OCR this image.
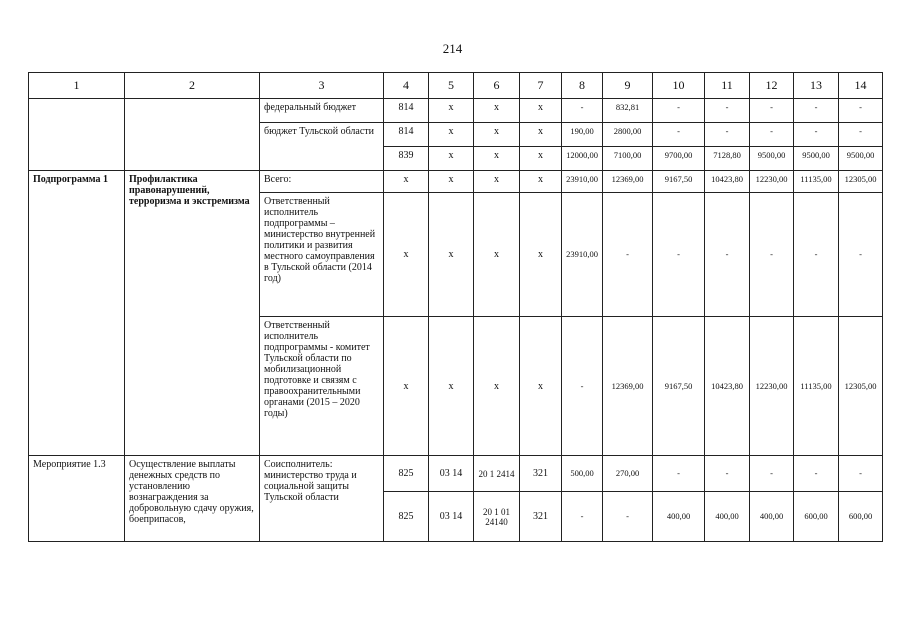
214
1	2	3	4	5	6	7	8	9	10	11	12	13	14
		федеральный бюджет	814	х	х	х	-	832,81	-	-	-	-	-
		бюджет Тульской области	814	х	х	х	190,00	2800,00	-	-	-	-	-
			839	х	х	х	12000,00	7100,00	9700,00	7128,80	9500,00	9500,00	9500,00
Подпрограмма 1	Профилактика правонарушений, терроризма и экстремизма	Всего:	х	х	х	х	23910,00	12369,00	9167,50	10423,80	12230,00	11135,00	12305,00
		Ответственный исполнитель подпрограммы – министерство внутренней политики и развития местного самоуправления в Тульской области (2014 год)	х	х	х	х	23910,00	-	-	-	-	-	-
		Ответственный исполнитель подпрограммы - комитет Тульской области по мобилизационной подготовке и связям с правоохранительными органами (2015 – 2020 годы)	х	х	х	х	-	12369,00	9167,50	10423,80	12230,00	11135,00	12305,00
Мероприятие 1.3	Осуществление выплаты денежных средств по установлению вознаграждения за добровольную сдачу оружия, боеприпасов,	Соисполнитель: министерство труда и социальной защиты Тульской области	825	03 14	20 1 2414	321	500,00	270,00	-	-	-	-	-
			825	03 14	20 1 01 24140	321	-	-	400,00	400,00	400,00	600,00	600,00
